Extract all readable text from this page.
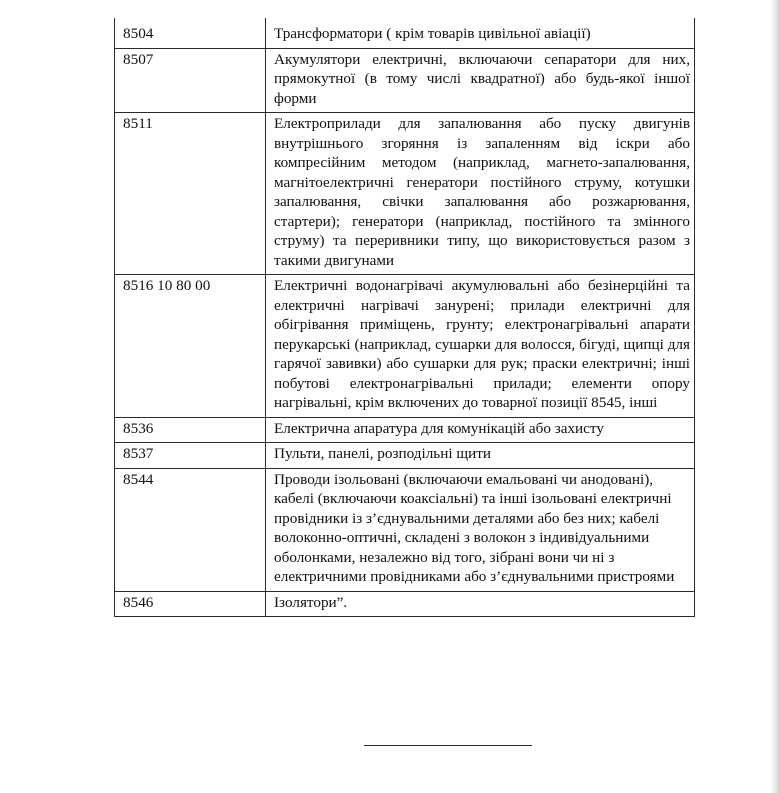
8504	Трансформатори ( крім товарів цивільної авіації)
8507	Акумулятори електричні, включаючи сепаратори для них, прямокутної (в тому числі квадратної) або будь-якої іншої форми
8511	Електроприлади для запалювання або пуску двигунів внутрішнього згоряння із запаленням від іскри або компресійним методом (наприклад, магнето-запалювання, магнітоелектричні генератори постійного струму, котушки запалювання, свічки запалювання або розжарювання, стартери); генератори (наприклад, постійного та змінного струму) та переривники типу, що використовується разом з такими двигунами
8516 10 80 00	Електричні водонагрівачі акумулювальні або безінерційні та електричні нагрівачі занурені; прилади електричні для обігрівання приміщень, грунту; електронагрівальні апарати перукарські (наприклад, сушарки для волосся, бігуді, щипці для гарячої завивки) або сушарки для рук; праски електричні; інші побутові електронагрівальні прилади; елементи опору нагрівальні, крім включених до товарної позиції 8545, інші
8536	Електрична апаратура для комунікацій або захисту
8537	Пульти, панелі, розподільні щити
8544	Проводи ізольовані (включаючи емальовані чи анодовані), кабелі (включаючи коаксіальні) та інші ізольовані електричні провідники із з’єднувальними деталями або без них; кабелі волоконно-оптичні, складені з волокон з індивідуальними оболонками, незалежно від того, зібрані вони чи ні з електричними провідниками або з’єднувальними пристроями
8546	Ізолятори”.
